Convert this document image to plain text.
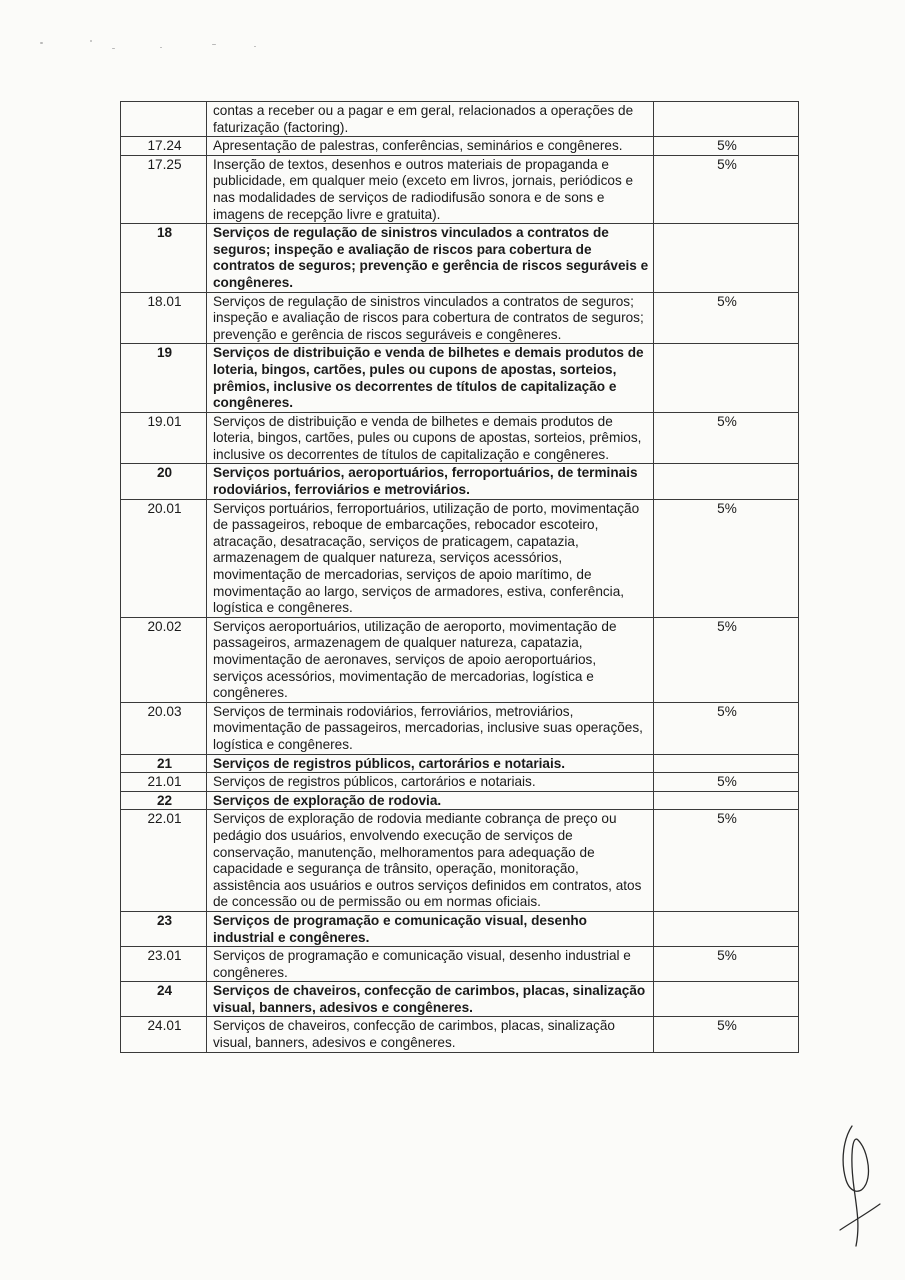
	contas a receber ou a pagar e em geral, relacionados a operações de faturização (factoring).	
17.24	Apresentação de palestras, conferências, seminários e congêneres.	5%
17.25	Inserção de textos, desenhos e outros materiais de propaganda e publicidade, em qualquer meio (exceto em livros, jornais, periódicos e nas modalidades de serviços de radiodifusão sonora e de sons e imagens de recepção livre e gratuita).	5%
18	Serviços de regulação de sinistros vinculados a contratos de seguros; inspeção e avaliação de riscos para cobertura de contratos de seguros; prevenção e gerência de riscos seguráveis e congêneres.	
18.01	Serviços de regulação de sinistros vinculados a contratos de seguros; inspeção e avaliação de riscos para cobertura de contratos de seguros; prevenção e gerência de riscos seguráveis e congêneres.	5%
19	Serviços de distribuição e venda de bilhetes e demais produtos de loteria, bingos, cartões, pules ou cupons de apostas, sorteios, prêmios, inclusive os decorrentes de títulos de capitalização e congêneres.	
19.01	Serviços de distribuição e venda de bilhetes e demais produtos de loteria, bingos, cartões, pules ou cupons de apostas, sorteios, prêmios, inclusive os decorrentes de títulos de capitalização e congêneres.	5%
20	Serviços portuários, aeroportuários, ferroportuários, de terminais rodoviários, ferroviários e metroviários.	
20.01	Serviços portuários, ferroportuários, utilização de porto, movimentação de passageiros, reboque de embarcações, rebocador escoteiro, atracação, desatracação, serviços de praticagem, capatazia, armazenagem de qualquer natureza, serviços acessórios, movimentação de mercadorias, serviços de apoio marítimo, de movimentação ao largo, serviços de armadores, estiva, conferência, logística e congêneres.	5%
20.02	Serviços aeroportuários, utilização de aeroporto, movimentação de passageiros, armazenagem de qualquer natureza, capatazia, movimentação de aeronaves, serviços de apoio aeroportuários, serviços acessórios, movimentação de mercadorias, logística e congêneres.	5%
20.03	Serviços de terminais rodoviários, ferroviários, metroviários, movimentação de passageiros, mercadorias, inclusive suas operações, logística e congêneres.	5%
21	Serviços de registros públicos, cartorários e notariais.	
21.01	Serviços de registros públicos, cartorários e notariais.	5%
22	Serviços de exploração de rodovia.	
22.01	Serviços de exploração de rodovia mediante cobrança de preço ou pedágio dos usuários, envolvendo execução de serviços de conservação, manutenção, melhoramentos para adequação de capacidade e segurança de trânsito, operação, monitoração, assistência aos usuários e outros serviços definidos em contratos, atos de concessão ou de permissão ou em normas oficiais.	5%
23	Serviços de programação e comunicação visual, desenho industrial e congêneres.	
23.01	Serviços de programação e comunicação visual, desenho industrial e congêneres.	5%
24	Serviços de chaveiros, confecção de carimbos, placas, sinalização visual, banners, adesivos e congêneres.	
24.01	Serviços de chaveiros, confecção de carimbos, placas, sinalização visual, banners, adesivos e congêneres.	5%
